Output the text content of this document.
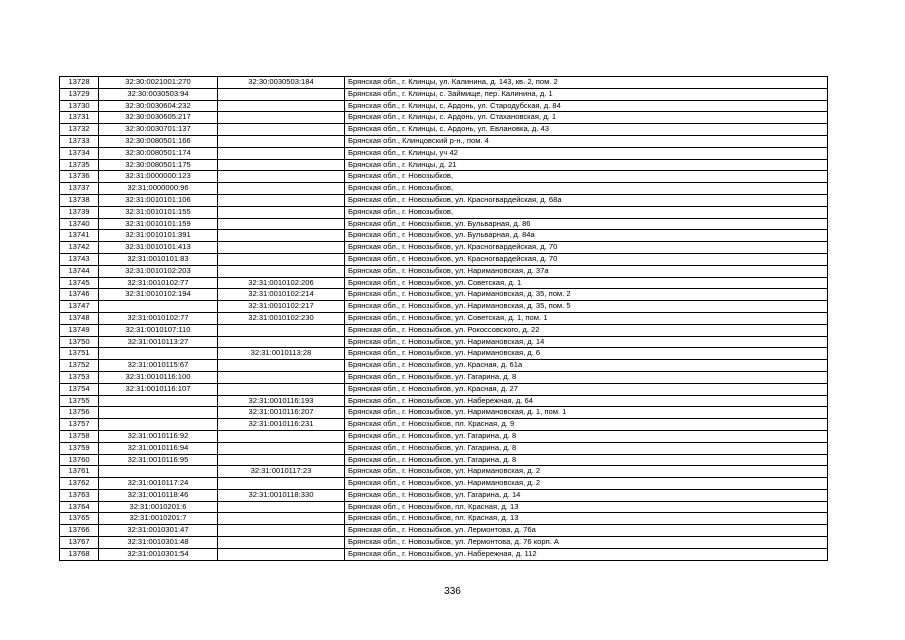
13728	32:30:0021001:270	32:30:0030503:184	Брянская обл., г. Клинцы, ул. Калинина, д. 143, кв. 2, пом. 2
13729	32:30:0030503:94		Брянская обл., г. Клинцы, с. Займище, пер. Калинина, д. 1
13730	32:30:0030604:232		Брянская обл., г. Клинцы, с. Ардонь, ул. Стародубская, д. 84
13731	32:30:0030605:217		Брянская обл., г. Клинцы, с. Ардонь, ул. Стахановская, д. 1
13732	32:30:0030701:137		Брянская обл., г. Клинцы, с. Ардонь, ул. Евлановка, д. 43
13733	32:30:0080501:166		Брянская обл., Клинцовский р-н., пом. 4
13734	32:30:0080501:174		Брянская обл., г. Клинцы, уч 42
13735	32:30:0080501:175		Брянская обл., г. Клинцы, д. 21
13736	32:31:0000000:123		Брянская обл., г. Новозыбков,
13737	32:31:0000000:96		Брянская обл., г. Новозыбков,
13738	32:31:0010101:106		Брянская обл., г. Новозыбков, ул. Красногвардейская, д. 68а
13739	32:31:0010101:155		Брянская обл., г. Новозыбков,
13740	32:31:0010101:159		Брянская обл., г. Новозыбков, ул. Бульварная, д. 86
13741	32:31:0010101:391		Брянская обл., г. Новозыбков, ул. Бульварная, д. 84а
13742	32:31:0010101:413		Брянская обл., г. Новозыбков, ул. Красногвардейская, д. 70
13743	32:31:0010101:83		Брянская обл., г. Новозыбков, ул. Красногвардейская, д. 70
13744	32:31:0010102:203		Брянская обл., г. Новозыбков, ул. Наримановская, д. 37а
13745	32:31:0010102:77	32:31:0010102:206	Брянская обл., г. Новозыбков, ул. Советская, д. 1
13746	32:31:0010102:194	32:31:0010102:214	Брянская обл., г. Новозыбков, ул. Наримановская, д. 35, пом. 2
13747		32:31:0010102:217	Брянская обл., г. Новозыбков, ул. Наримановская, д. 35, пом. 5
13748	32:31:0010102:77	32:31:0010102:230	Брянская обл., г. Новозыбков, ул. Советская, д. 1, пом. 1
13749	32:31:0010107:110		Брянская обл., г. Новозыбков, ул. Рокоссовского, д. 22
13750	32:31:0010113:27		Брянская обл., г. Новозыбков, ул. Наримановская, д. 14
13751		32:31:0010113:28	Брянская обл., г. Новозыбков, ул. Наримановская, д. 6
13752	32:31:0010115:67		Брянская обл., г. Новозыбков, ул. Красная, д. 61а
13753	32:31:0010116:100		Брянская обл., г. Новозыбков, ул. Гагарина, д. 8
13754	32:31:0010116:107		Брянская обл., г. Новозыбков, ул. Красная, д. 27
13755		32:31:0010116:193	Брянская обл., г. Новозыбков, ул. Набережная, д. 64
13756		32:31:0010116:207	Брянская обл., г. Новозыбков, ул. Наримановская, д. 1, пом. 1
13757		32:31:0010116:231	Брянская обл., г. Новозыбков, пл. Красная, д. 9
13758	32:31:0010116:92		Брянская обл., г. Новозыбков, ул. Гагарина, д. 8
13759	32:31:0010116:94		Брянская обл., г. Новозыбков, ул. Гагарина, д. 8
13760	32:31:0010116:95		Брянская обл., г. Новозыбков, ул. Гагарина, д. 8
13761		32:31:0010117:23	Брянская обл., г. Новозыбков, ул. Наримановская, д. 2
13762	32:31:0010117:24		Брянская обл., г. Новозыбков, ул. Наримановская, д. 2
13763	32:31:0010118:46	32:31:0010118:330	Брянская обл., г. Новозыбков, ул. Гагарина, д. 14
13764	32:31:0010201:6		Брянская обл., г. Новозыбков, пл. Красная, д. 13
13765	32:31:0010201:7		Брянская обл., г. Новозыбков, пл. Красная, д. 13
13766	32:31:0010301:47		Брянская обл., г. Новозыбков, ул. Лермонтова, д. 76а
13767	32:31:0010301:48		Брянская обл., г. Новозыбков, ул. Лермонтова, д. 76 корп. А
13768	32:31:0010301:54		Брянская обл., г. Новозыбков, ул. Набережная, д. 112
336
